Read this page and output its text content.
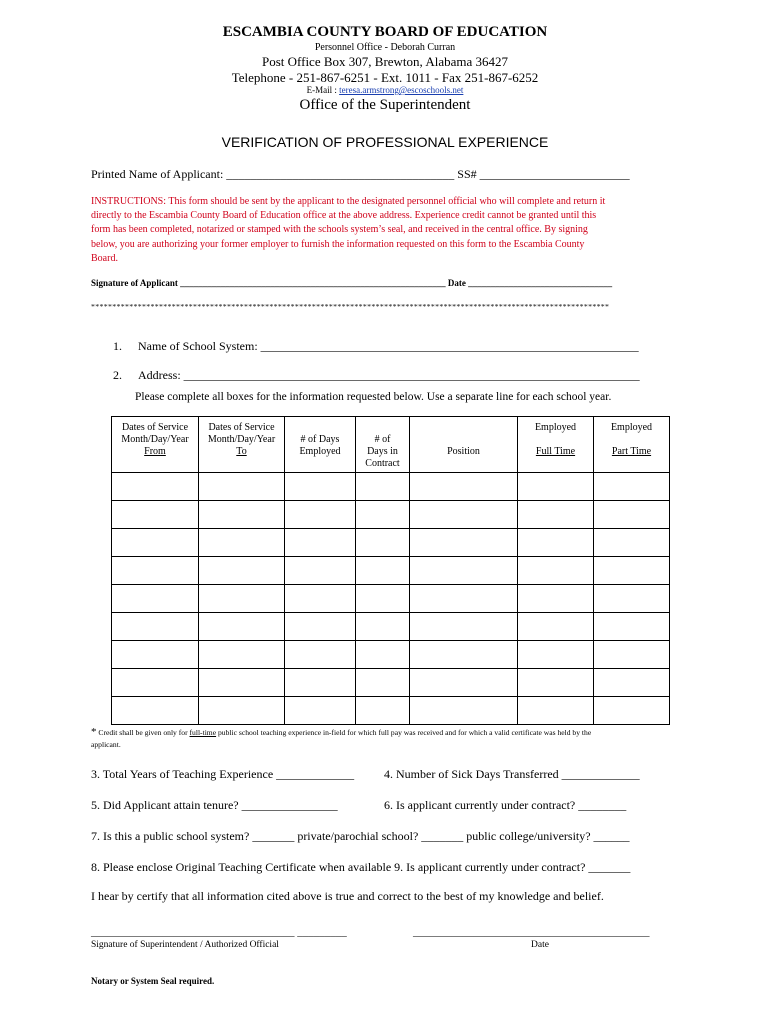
ESCAMBIA COUNTY BOARD OF EDUCATION
Personnel Office - Deborah Curran
Post Office Box 307, Brewton, Alabama 36427
Telephone - 251-867-6251 - Ext. 1011 - Fax 251-867-6252
E-Mail : teresa.armstrong@escoschools.net
Office of the Superintendent
VERIFICATION OF PROFESSIONAL EXPERIENCE
Printed Name of Applicant: ______________________________________ SS# _________________________
INSTRUCTIONS: This form should be sent by the applicant to the designated personnel official who will complete and return it
directly to the Escambia County Board of Education office at the above address. Experience credit cannot be granted until this
form has been completed, notarized or stamped with the schools system’s seal, and received in the central office. By signing
below, you are authorizing your former employer to furnish the information requested on this form to the Escambia County
Board.
Signature of Applicant ___________________________________________________________ Date ________________________________
**************************************************************************************************************************
1. Name of School System: _______________________________________________________________
2. Address: ____________________________________________________________________________
Please complete all boxes for the information requested below. Use a separate line for each school year.
Dates of Service
Month/Day/Year
From	Dates of Service
Month/Day/Year
To	# of Days
Employed	# of
Days in
Contract	Position	Employed
Full Time	Employed
Part Time

* Credit shall be given only for full-time public school teaching experience in-field for which full pay was received and for which a valid certificate was held by the
applicant.
3. Total Years of Teaching Experience _____________ 4. Number of Sick Days Transferred _____________
5. Did Applicant attain tenure? ________________	6. Is applicant currently under contract? ________
7. Is this a public school system? _______ private/parochial school? _______ public college/university? ______
8. Please enclose Original Teaching Certificate when available 9. Is applicant currently under contract? _______
I hear by certify that all information cited above is true and correct to the best of my knowledge and belief.
_____________________________________ _________	___________________________________________
Signature of Superintendent / Authorized Official	Date
Notary or System Seal required.
